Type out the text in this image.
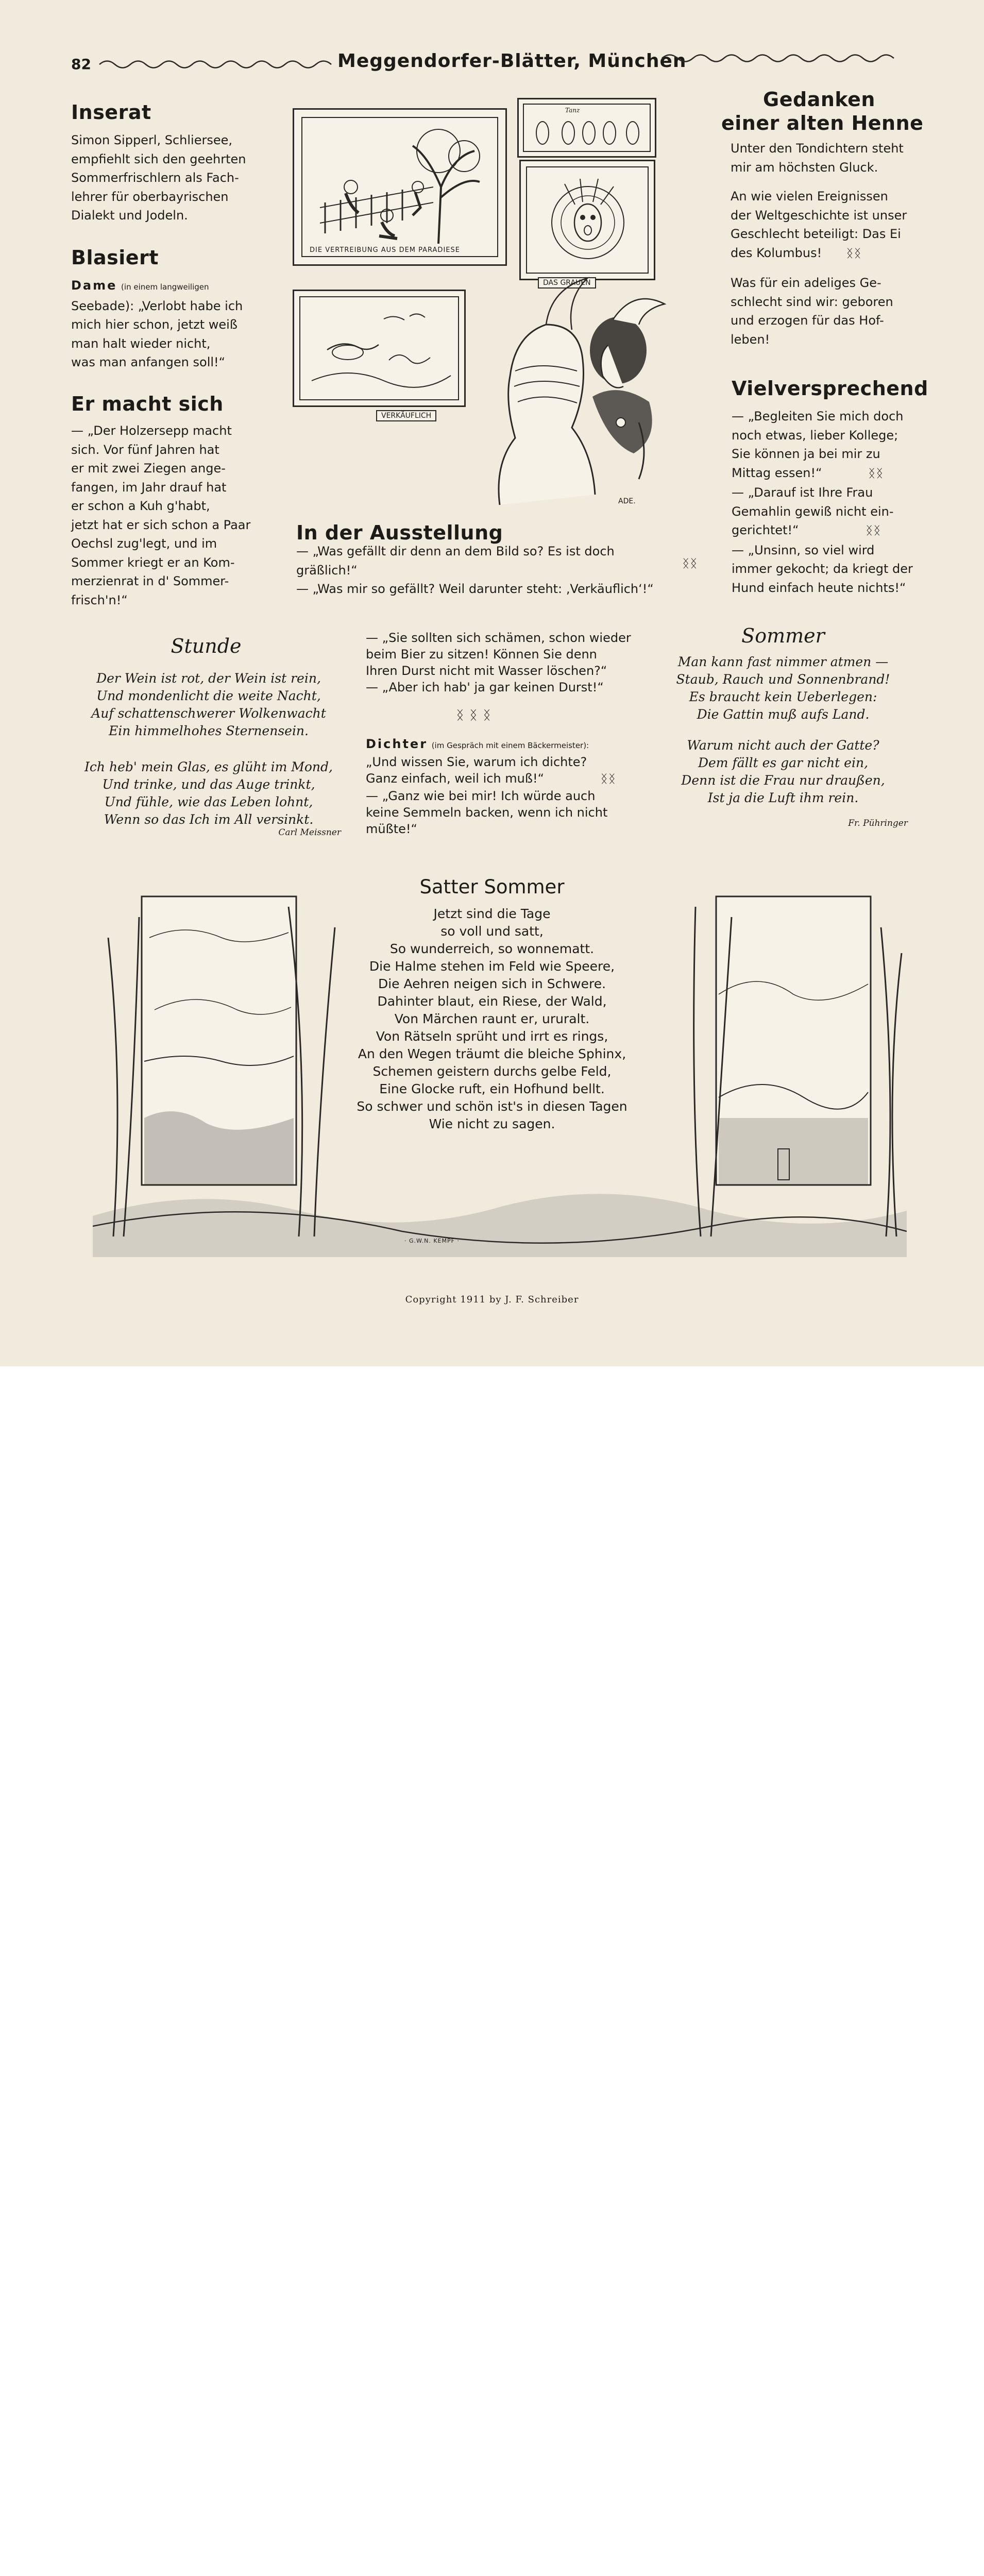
82	Meggendorfer-Blätter, München
Inserat
Simon Sipperl, Schliersee,
empfiehlt sich den geehrten
Sommerfrischlern als Fach-
lehrer für oberbayrischen
Dialekt und Jodeln.
Blasiert
Dame (in einem langweiligen
Seebade): „Verlobt habe ich
mich hier schon, jetzt weiß
man halt wieder nicht,
was man anfangen soll!“
Er macht sich
— „Der Holzersepp macht
sich. Vor fünf Jahren hat
er mit zwei Ziegen ange-
fangen, im Jahr drauf hat
er schon a Kuh g'habt,
jetzt hat er sich schon a Paar
Oechsl zug'legt, und im
Sommer kriegt er an Kom-
merzienrat in d' Sommer-
frisch'n!“
DIE VERTREIBUNG AUS DEM PARADIESE
Tanz
DAS GRAUEN
VERKÄUFLICH
ADE.
In der Ausstellung
— „Was gefällt dir denn an dem Bild so? Es ist doch
gräßlich!“	ᛝᛝ
— „Was mir so gefällt? Weil darunter steht: ‚Verkäuflich‘!“
Gedanken
einer alten Henne
Unter den Tondichtern steht
mir am höchsten Gluck.
An wie vielen Ereignissen
der Weltgeschichte ist unser
Geschlecht beteiligt: Das Ei
des Kolumbus! ᛝᛝ
Was für ein adeliges Ge-
schlecht sind wir: geboren
und erzogen für das Hof-
leben!
Vielversprechend
— „Begleiten Sie mich doch
noch etwas, lieber Kollege;
Sie können ja bei mir zu
Mittag essen!“	ᛝᛝ
— „Darauf ist Ihre Frau
Gemahlin gewiß nicht ein-
gerichtet!“	ᛝᛝ
— „Unsinn, so viel wird
immer gekocht; da kriegt der
Hund einfach heute nichts!“
Stunde
Der Wein ist rot, der Wein ist rein,
Und mondenlicht die weite Nacht,
Auf schattenschwerer Wolkenwacht
Ein himmelhohes Sternensein.
Ich heb' mein Glas, es glüht im Mond,
Und trinke, und das Auge trinkt,
Und fühle, wie das Leben lohnt,
Wenn so das Ich im All versinkt.
Carl Meissner
— „Sie sollten sich schämen, schon wieder
beim Bier zu sitzen! Können Sie denn
Ihren Durst nicht mit Wasser löschen?“
— „Aber ich hab' ja gar keinen Durst!“
ᛝ ᛝ ᛝ
Dichter (im Gespräch mit einem Bäckermeister):
„Und wissen Sie, warum ich dichte?
Ganz einfach, weil ich muß!“	ᛝᛝ
— „Ganz wie bei mir! Ich würde auch
keine Semmeln backen, wenn ich nicht
müßte!“
Sommer
Man kann fast nimmer atmen —
Staub, Rauch und Sonnenbrand!
Es braucht kein Ueberlegen:
Die Gattin muß aufs Land.
Warum nicht auch der Gatte?
Dem fällt es gar nicht ein,
Denn ist die Frau nur draußen,
Ist ja die Luft ihm rein.
Fr. Pühringer
Satter Sommer
Jetzt sind die Tage
so voll und satt,
So wunderreich, so wonnematt.
Die Halme stehen im Feld wie Speere,
Die Aehren neigen sich in Schwere.
Dahinter blaut, ein Riese, der Wald,
Von Märchen raunt er, ururalt.
Von Rätseln sprüht und irrt es rings,
An den Wegen träumt die bleiche Sphinx,
Schemen geistern durchs gelbe Feld,
Eine Glocke ruft, ein Hofhund bellt.
So schwer und schön ist's in diesen Tagen
Wie nicht zu sagen.
· G.W.N. KEMPF ·
Copyright 1911 by J. F. Schreiber
